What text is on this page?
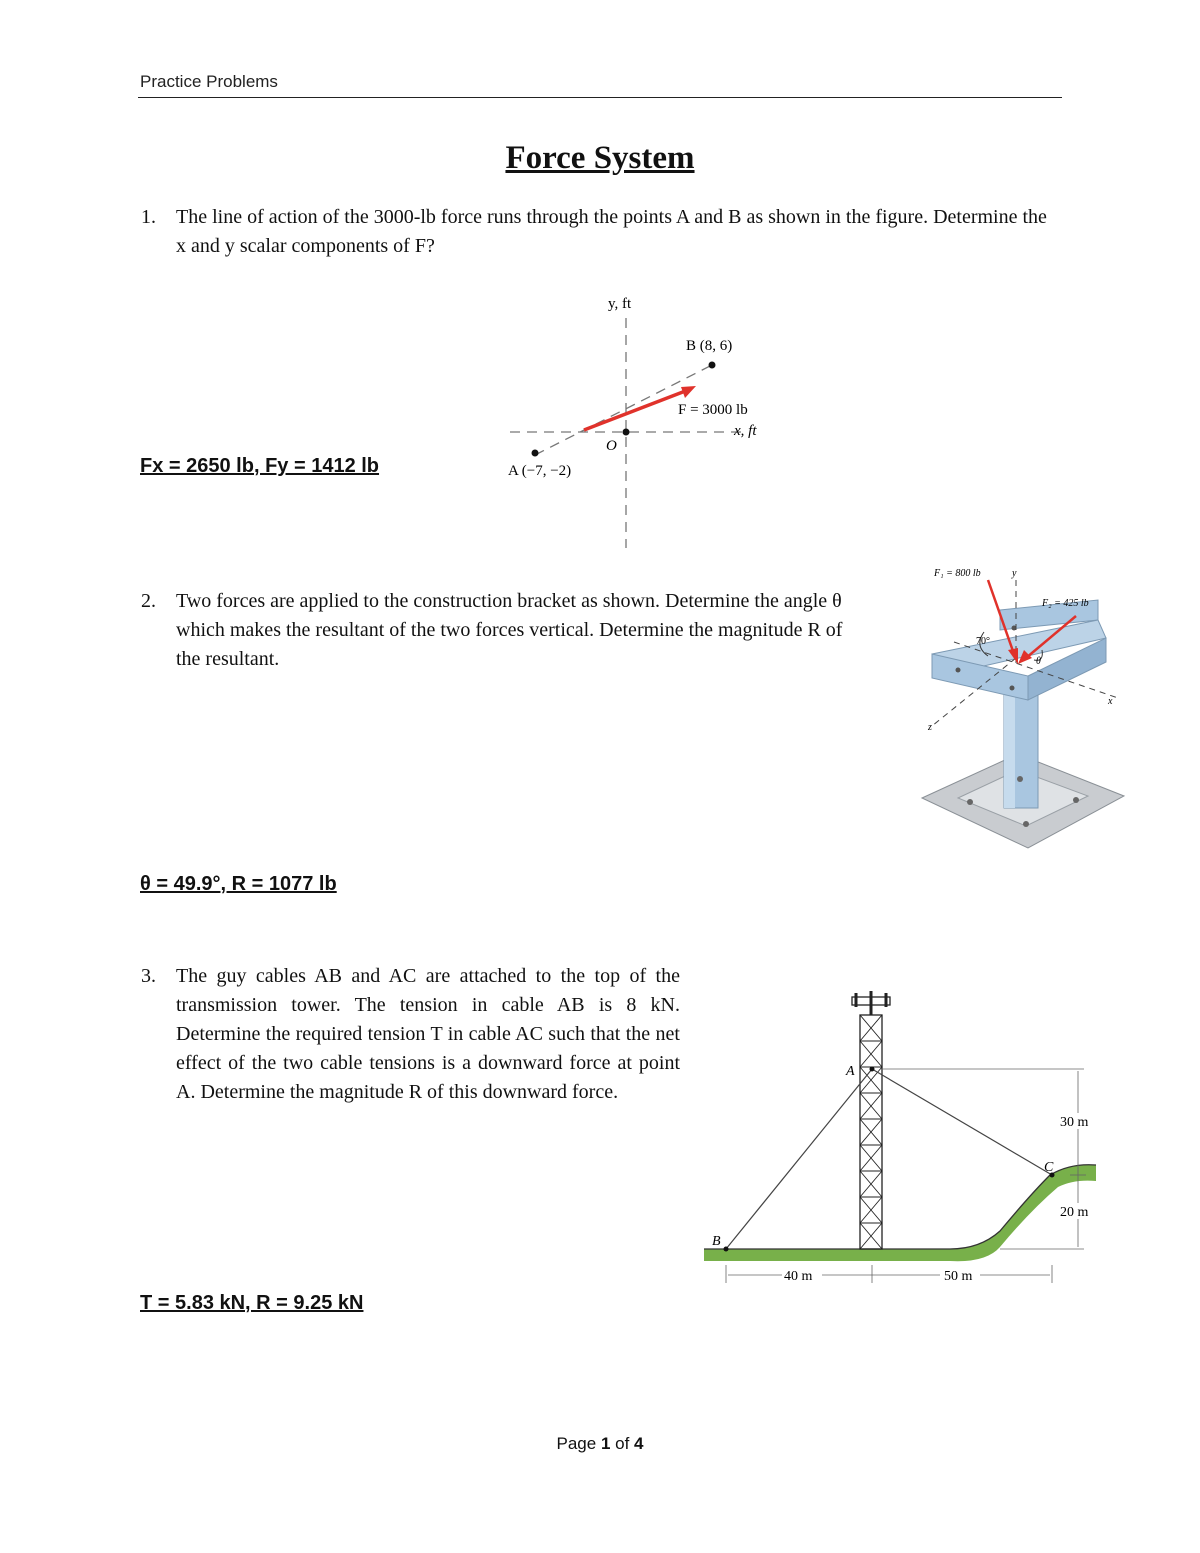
Practice Problems
Force System
1. The line of action of the 3000-lb force runs through the points A and B as shown in the figure. Determine the x and y scalar components of F?
y, ft
x, ft
O
B (8, 6)
A (−7, −2)
F = 3000 lb
Fx = 2650 lb, Fy = 1412 lb
2. Two forces are applied to the construction bracket as shown. Determine the angle θ which makes the resultant of the two forces vertical. Determine the magnitude R of the resultant.
F₁ = 800 lb
F₂ = 425 lb
y
x
z
70°
θ
θ = 49.9°, R = 1077 lb
3. The guy cables AB and AC are attached to the top of the transmission tower. The tension in cable AB is 8 kN. Determine the required tension T in cable AC such that the net effect of the two cable tensions is a downward force at point A. Determine the magnitude R of this downward force.
A
B
C
30 m
20 m
40 m	50 m
T = 5.83 kN, R = 9.25 kN
Page 1 of 4
